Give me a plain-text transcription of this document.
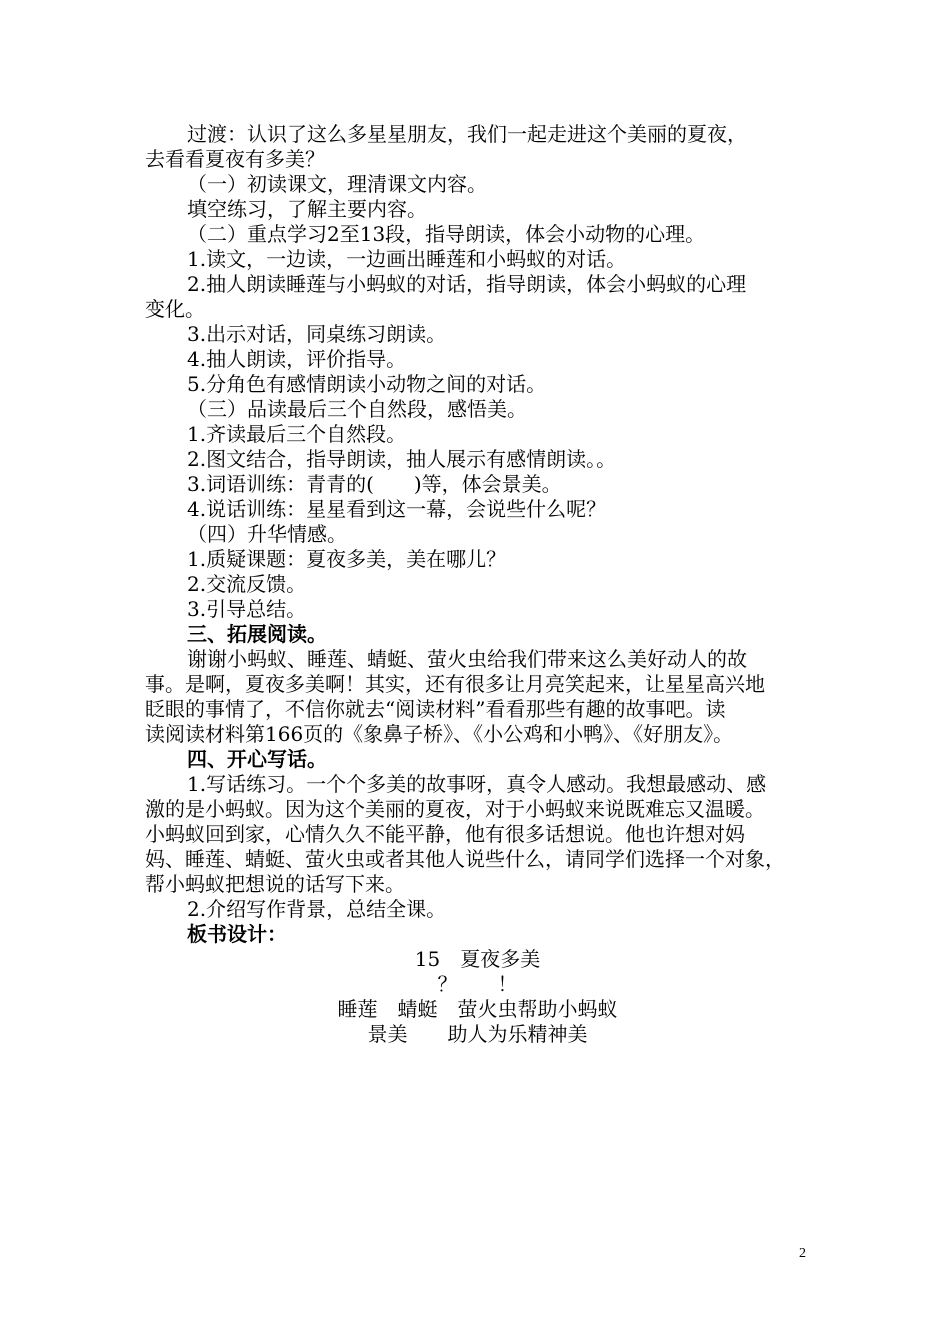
过渡：认识了这么多星星朋友，我们一起走进这个美丽的夏夜，
去看看夏夜有多美？
（一）初读课文，理清课文内容。
填空练习，了解主要内容。
（二）重点学习2至13段，指导朗读，体会小动物的心理。
1.读文，一边读，一边画出睡莲和小蚂蚁的对话。
2.抽人朗读睡莲与小蚂蚁的对话，指导朗读，体会小蚂蚁的心理
变化。
3.出示对话，同桌练习朗读。
4.抽人朗读，评价指导。
5.分角色有感情朗读小动物之间的对话。
（三）品读最后三个自然段，感悟美。
1.齐读最后三个自然段。
2.图文结合，指导朗读，抽人展示有感情朗读。。
3.词语训练：青青的(　　)等，体会景美。
4.说话训练：星星看到这一幕，会说些什么呢？
（四）升华情感。
1.质疑课题：夏夜多美，美在哪儿？
2.交流反馈。
3.引导总结。
三、拓展阅读。
谢谢小蚂蚁、睡莲、蜻蜓、萤火虫给我们带来这么美好动人的故
事。是啊，夏夜多美啊！其实，还有很多让月亮笑起来，让星星高兴地
眨眼的事情了，不信你就去“阅读材料”看看那些有趣的故事吧。读
读阅读材料第166页的《象鼻子桥》、《小公鸡和小鸭》、《好朋友》。
四、开心写话。
1.写话练习。一个个多美的故事呀，真令人感动。我想最感动、感
激的是小蚂蚁。因为这个美丽的夏夜，对于小蚂蚁来说既难忘又温暖。
小蚂蚁回到家，心情久久不能平静，他有很多话想说。他也许想对妈
妈、睡莲、蜻蜓、萤火虫或者其他人说些什么，请同学们选择一个对象，
帮小蚂蚁把想说的话写下来。
2.介绍写作背景，总结全课。
板书设计：
15　夏夜多美
？　　！
睡莲　蜻蜓　萤火虫帮助小蚂蚁
景美　　助人为乐精神美
2
